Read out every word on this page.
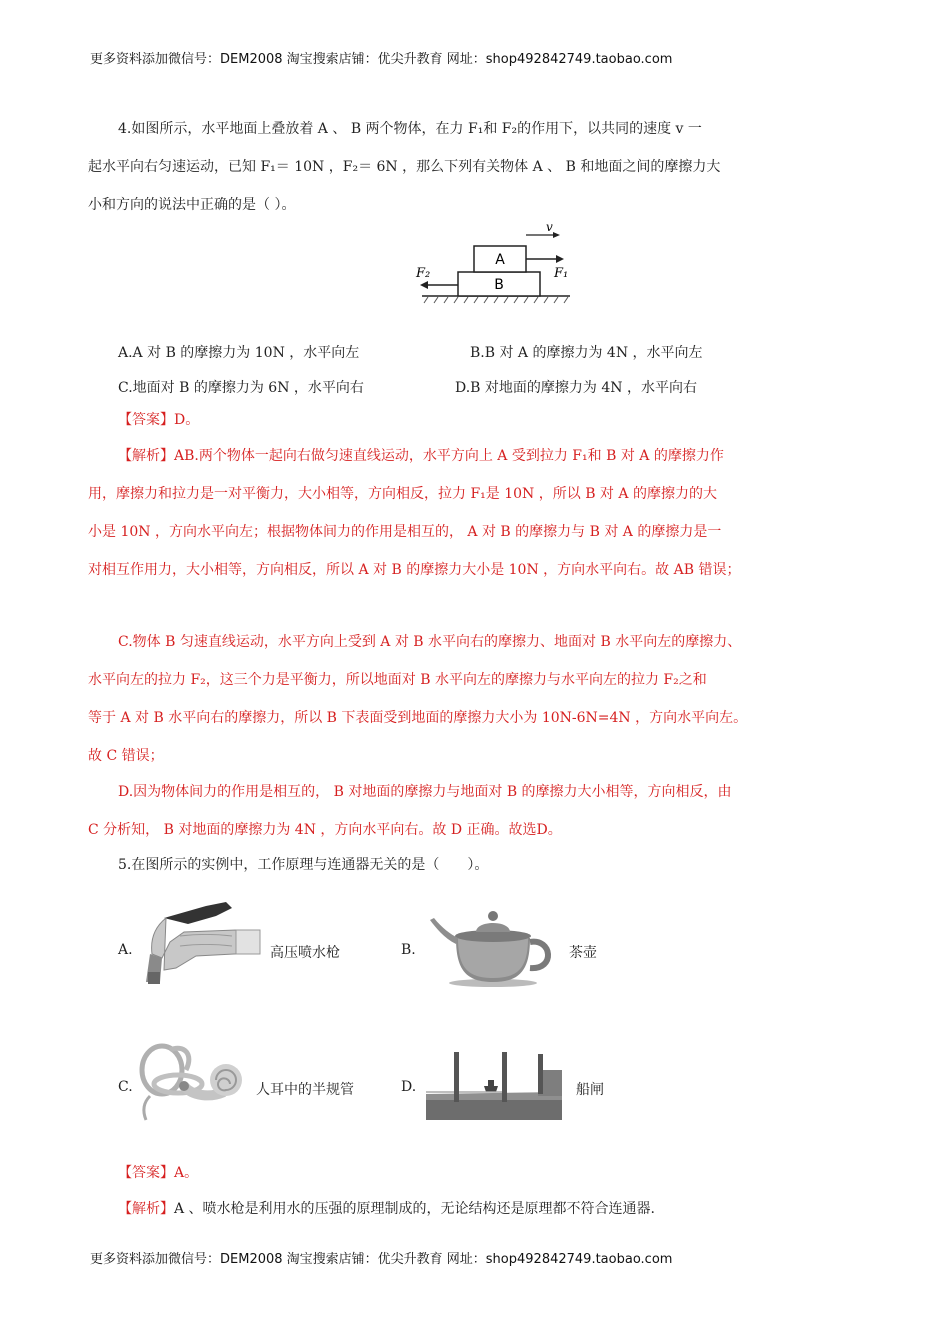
更多资料添加微信号：DEM2008 淘宝搜索店铺：优尖升教育 网址：shop492842749.taobao.com
4.如图所示，水平地面上叠放着 A 、 B 两个物体，在力 F₁和 F₂的作用下，以共同的速度 v 一
起水平向右匀速运动，已知 F₁＝ 10N ，F₂＝ 6N ，那么下列有关物体 A 、 B 和地面之间的摩擦力大
小和方向的说法中正确的是（ ）。
A
B
v
F₁
F₂
A.A 对 B 的摩擦力为 10N ，水平向左	B.B 对 A 的摩擦力为 4N ，水平向左
C.地面对 B 的摩擦力为 6N ，水平向右	D.B 对地面的摩擦力为 4N ，水平向右
【答案】D。
【解析】AB.两个物体一起向右做匀速直线运动，水平方向上 A 受到拉力 F₁和 B 对 A 的摩擦力作
用，摩擦力和拉力是一对平衡力，大小相等，方向相反，拉力 F₁是 10N ，所以 B 对 A 的摩擦力的大
小是 10N ，方向水平向左；根据物体间力的作用是相互的， A 对 B 的摩擦力与 B 对 A 的摩擦力是一
对相互作用力，大小相等，方向相反，所以 A 对 B 的摩擦力大小是 10N ，方向水平向右。故 AB 错误；
C.物体 B 匀速直线运动，水平方向上受到 A 对 B 水平向右的摩擦力、地面对 B 水平向左的摩擦力、
水平向左的拉力 F₂，这三个力是平衡力，所以地面对 B 水平向左的摩擦力与水平向左的拉力 F₂之和
等于 A 对 B 水平向右的摩擦力，所以 B 下表面受到地面的摩擦力大小为 10N-6N=4N ，方向水平向左。
故 C 错误；
D.因为物体间力的作用是相互的， B 对地面的摩擦力与地面对 B 的摩擦力大小相等，方向相反，由
C 分析知， B 对地面的摩擦力为 4N ，方向水平向右。故 D 正确。故选D。
5.在图所示的实例中，工作原理与连通器无关的是（　　）。
A.	高压喷水枪	B.	茶壶
C.	人耳中的半规管	D.	船闸
【答案】A。
【解析】A 、喷水枪是利用水的压强的原理制成的，无论结构还是原理都不符合连通器.
更多资料添加微信号：DEM2008 淘宝搜索店铺：优尖升教育 网址：shop492842749.taobao.com
